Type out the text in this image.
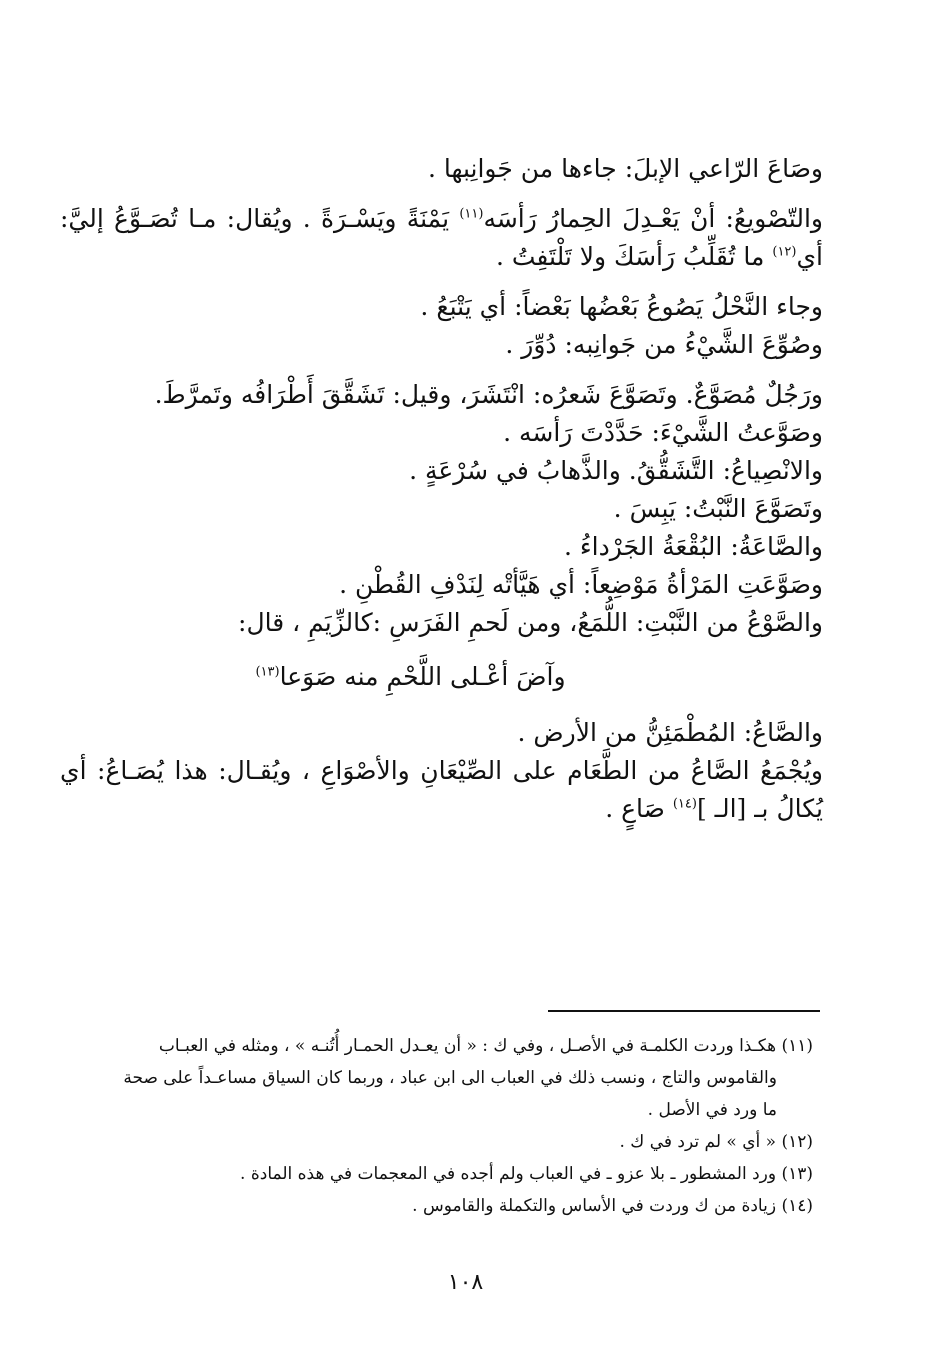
وصَاعَ الرّاعي الإبلَ: جاءها من جَوانِبها .

والتّصْويعُ: أنْ يَعْـدِلَ الحِمارُ رَأسَه$^{(١١)}$ يَمْنَةً ويَسْـرَةً . ويُقال: مـا تُصَـوَّعُ إليَّ: أي$^{(١٢)}$ ما تُقَلِّبُ رَأسَكَ ولا تَلْتَفِتُ .

وجاء النَّحْلُ يَصُوعُ بَعْضُها بَعْضاً: أي يَتْبَعُ .

وصُوِّعَ الشَّيْءُ من جَوانِبه: دُوِّرَ .

ورَجُلٌ مُصَوَّعٌ. وتَصَوَّعَ شَعرُه: انْتَشَرَ، وقيل: تَشَقَّقَ أَطْرَافُه وتَمرَّطَ.

وصَوَّعتُ الشَّيْءَ: حَدَّدْتَ رَأسَه .

والانْصِياعُ: التَّشَقُّقُ. والذَّهابُ في سُرْعَةٍ .

وتَصَوَّعَ النَّبْتُ: يَبِسَ .

والصَّاعَةُ: البُقْعَةُ الجَرْداءُ .

وصَوَّعَتِ المَرْأةُ مَوْضِعاً: أي هَيَّأتْه لِنَدْفِ القُطْنِ .

والصَّوْعُ من النَّبْتِ: اللُّمَعُ، ومن لَحمِ الفَرَسِ :كالزِّيَمِ ، قال:

وآضَ أعْـلى اللَّحْمِ منه صَوَعا$^{(١٣)}$

والصَّاعُ: المُطْمَئِنُّ من الأرض .

ويُجْمَعُ الصَّاعُ من الطَّعَام على الصِّيْعَانِ والأصْوَاعِ ، ويُقـال: هذا يُصَـاعُ: أي يُكالُ بـ [الـ ]$^{(١٤)}$ صَاعٍ .

(١١) هكـذا وردت الكلمـة في الأصـل ، وفي ك : « أن يعـدل الحمـار أُتُنـه » ، ومثله في العبـاب
والقاموس والتاج ، ونسب ذلك في العباب الى ابن عباد ، وربما كان السياق مساعـداً على صحة
ما ورد في الأصل .

(١٢) « أي » لم ترد في ك .

(١٣) ورد المشطور ـ بلا عزو ـ في العباب ولم أجده في المعجمات في هذه المادة .

(١٤) زيادة من ك وردت في الأساس والتكملة والقاموس .

١٠٨
